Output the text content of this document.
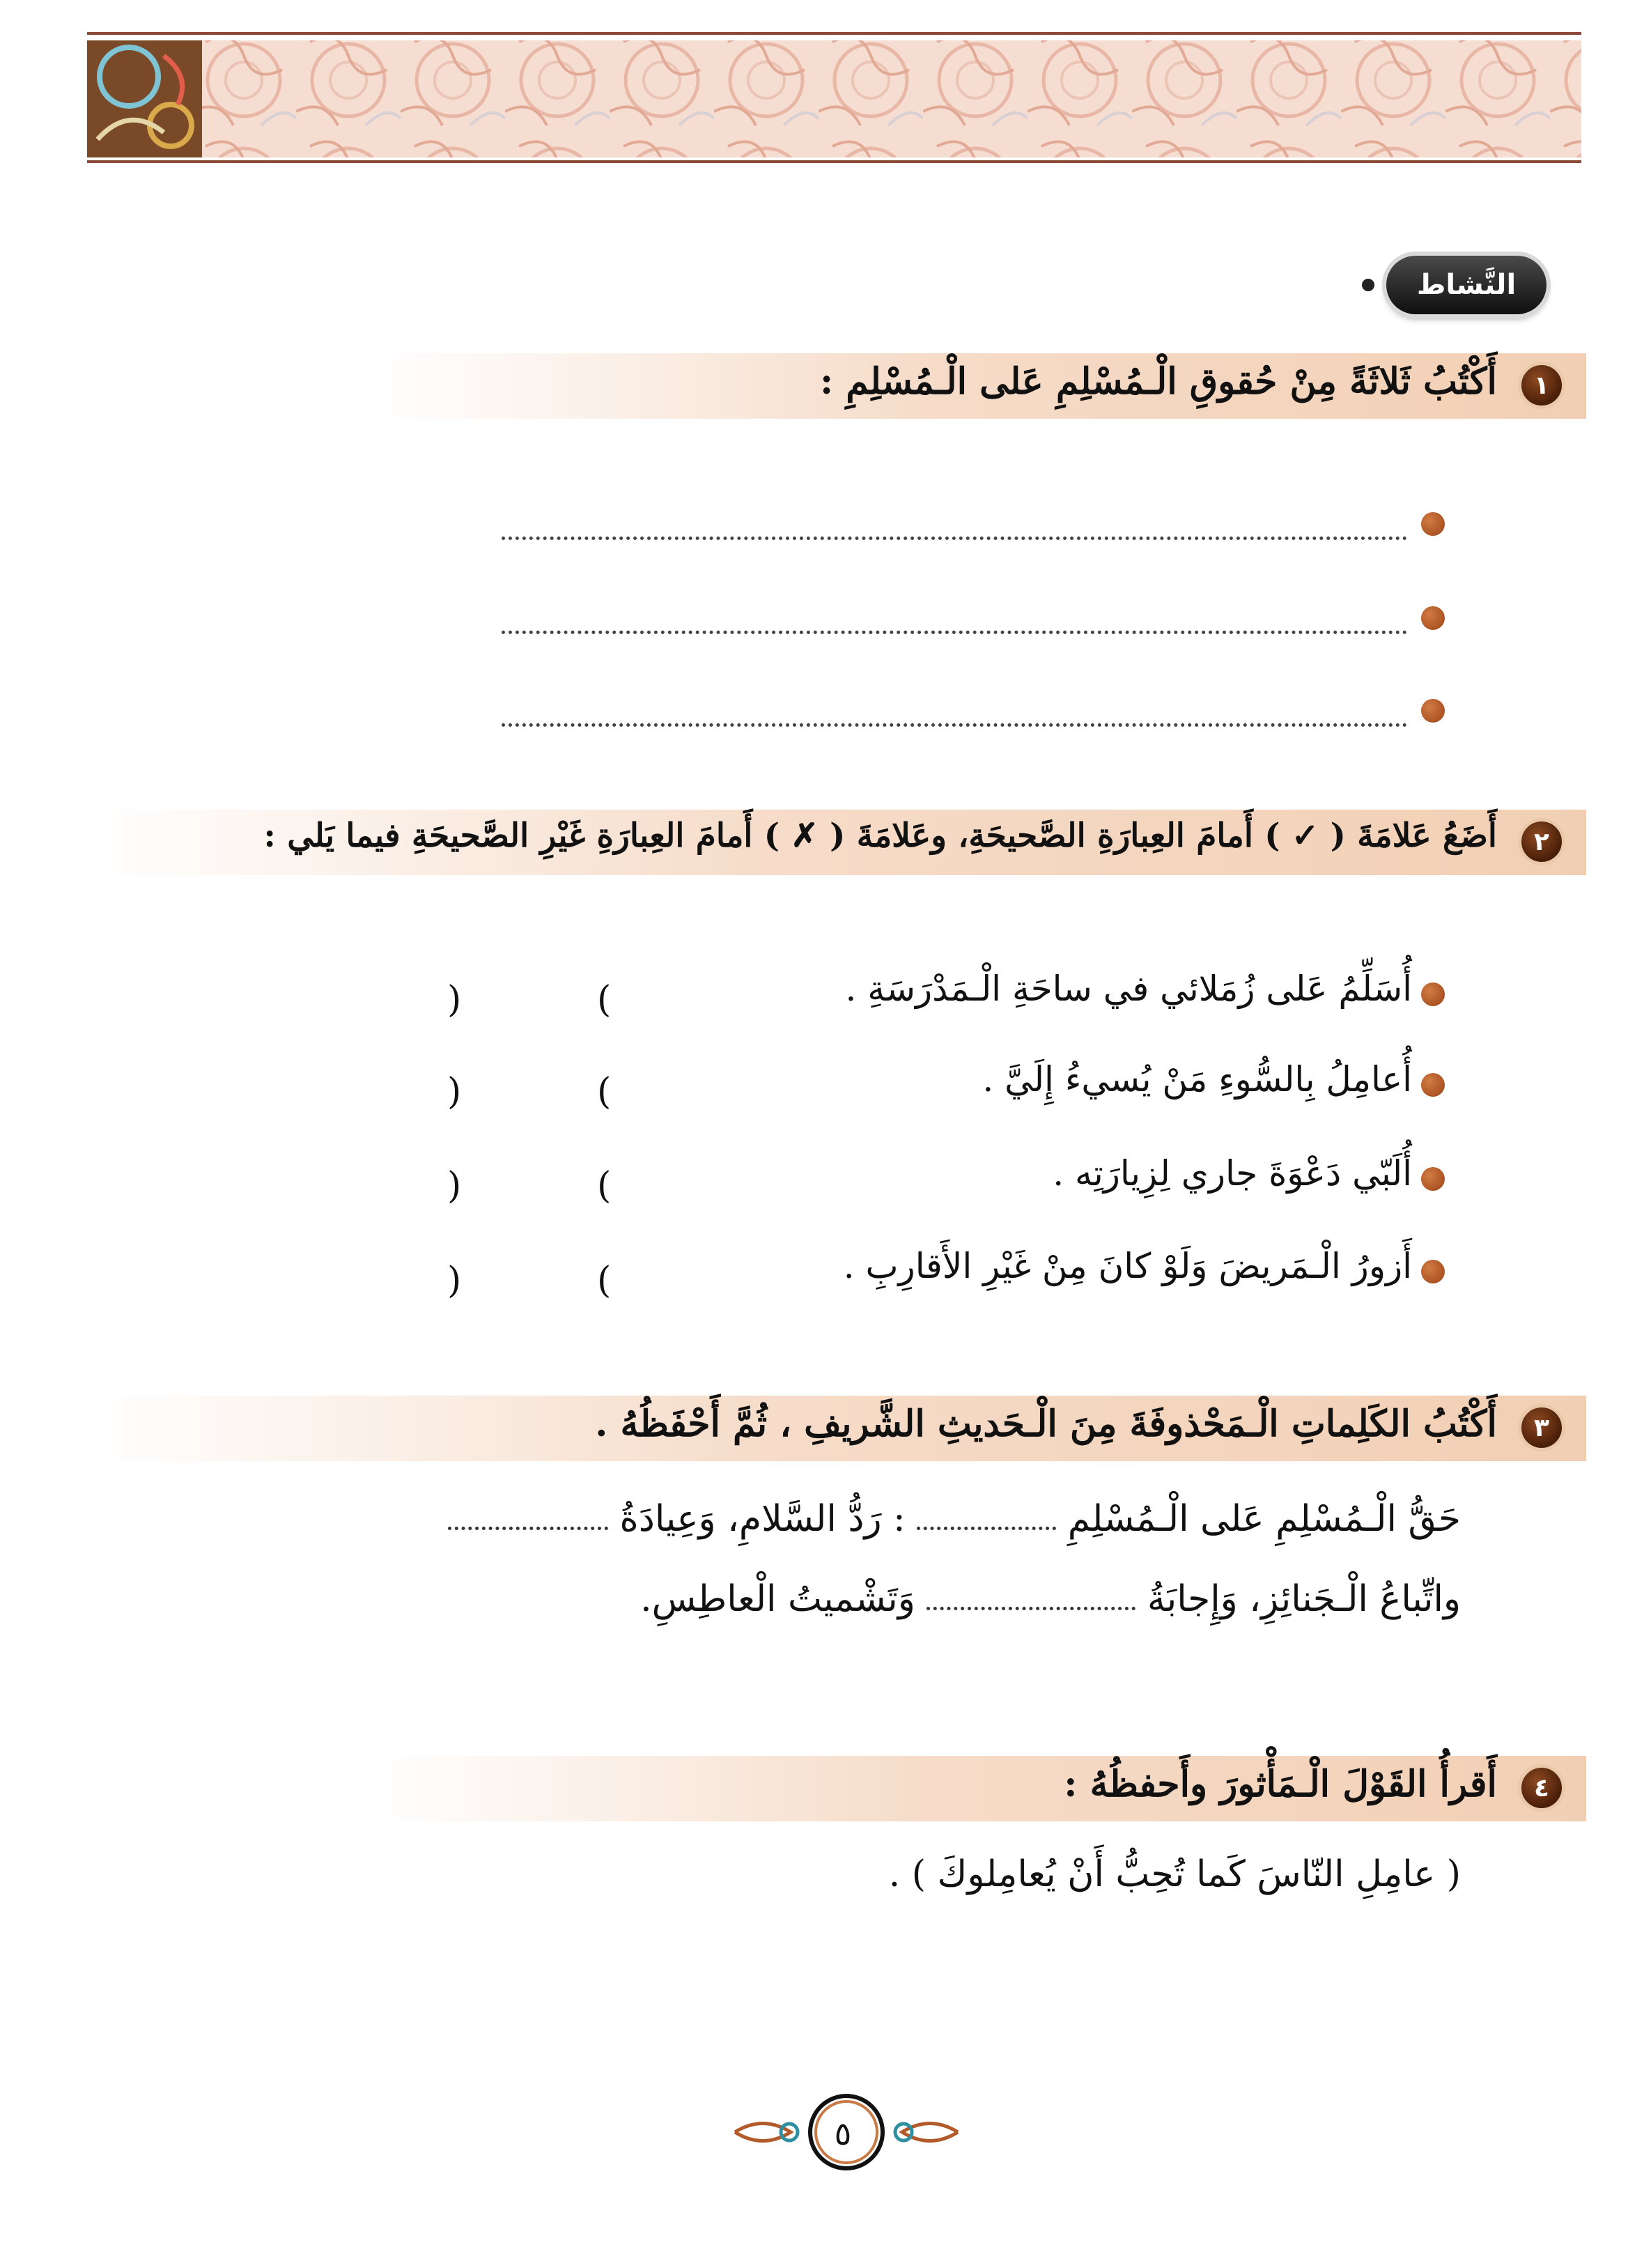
النَّشاط
١
أَكْتُبُ ثَلاثَةً مِنْ حُقوقِ الْـمُسْلِمِ عَلى الْـمُسْلِمِ :
٢
أَضَعُ عَلامَةَ ( ✓ ) أَمامَ العِبارَةِ الصَّحيحَةِ، وعَلامَةَ ( ✗ ) أَمامَ العِبارَةِ غَيْرِ الصَّحيحَةِ فيما يَلي :
أُسَلِّمُ عَلى زُمَلائي في ساحَةِ الْـمَدْرَسَةِ .
(
)
أُعامِلُ بِالسُّوءِ مَنْ يُسيءُ إِلَيَّ .
(
)
أُلَبّي دَعْوَةَ جاري لِزِيارَتِه .
(
)
أَزورُ الْـمَريضَ وَلَوْ كانَ مِنْ غَيْرِ الأَقارِبِ .
(
)
٣
أَكْتُبُ الكَلِماتِ الْـمَحْذوفَةَ مِنَ الْـحَديثِ الشَّريفِ ، ثُمَّ أَحْفَظُهُ .
حَقُّ الْـمُسْلِمِ عَلى الْـمُسْلِمِ  : رَدُّ السَّلامِ، وَعِيادَةُ
واتِّباعُ الْـجَنائِزِ، وَإِجابَةُ  وَتَشْميتُ الْعاطِسِ.
٤
أَقرأُ القَوْلَ الْـمَأْثورَ وأَحفظُهُ :
( عامِلِ النّاسَ كَما تُحِبُّ أَنْ يُعامِلوكَ ) .
٥
